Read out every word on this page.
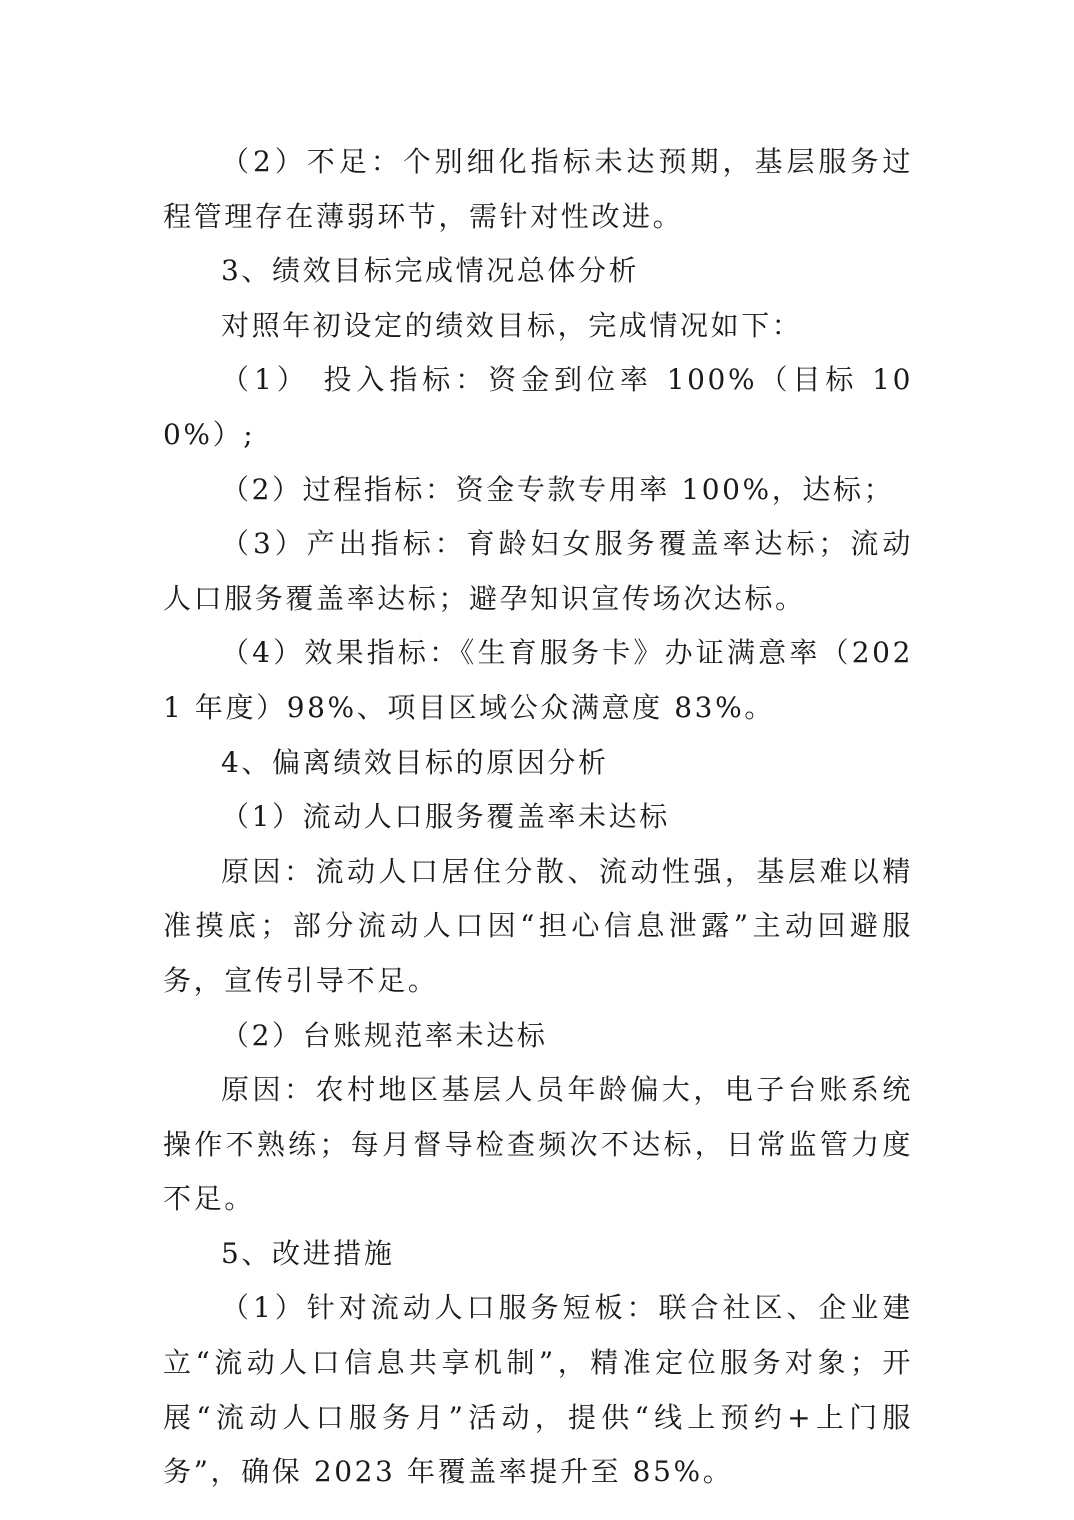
（2）不足：个别细化指标未达预期，基层服务过程管理存在薄弱环节，需针对性改进。

3、绩效目标完成情况总体分析

对照年初设定的绩效目标，完成情况如下：

（1） 投入指标：资金到位率 100%（目标 100%）;

（2）过程指标：资金专款专用率 100%，达标；

（3）产出指标：育龄妇女服务覆盖率达标；流动人口服务覆盖率达标；避孕知识宣传场次达标。

（4）效果指标：《生育服务卡》办证满意率（2021 年度）98%、项目区域公众满意度 83%。

4、偏离绩效目标的原因分析

（1）流动人口服务覆盖率未达标

原因：流动人口居住分散、流动性强，基层难以精准摸底；部分流动人口因“担心信息泄露”主动回避服务，宣传引导不足。

（2）台账规范率未达标

原因：农村地区基层人员年龄偏大，电子台账系统操作不熟练；每月督导检查频次不达标，日常监管力度不足。

5、改进措施

（1）针对流动人口服务短板：联合社区、企业建立“流动人口信息共享机制”，精准定位服务对象；开展“流动人口服务月”活动，提供“线上预约+上门服务”，确保 2023 年覆盖率提升至 85%。
